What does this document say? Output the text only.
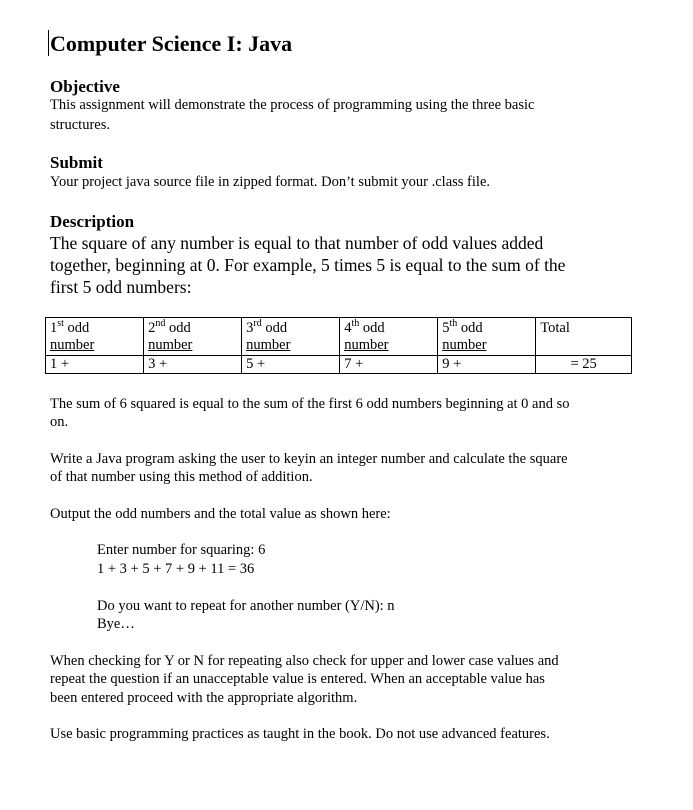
Computer Science I: Java
Objective
This assignment will demonstrate the process of programming using the three basic
structures.
Submit
Your project java source file in zipped format. Don’t submit your .class file.
Description
The square of any number is equal to that number of odd values added
together, beginning at 0. For example, 5 times 5 is equal to the sum of the
first 5 odd numbers:
1st odd
number	2nd odd
number	3rd odd
number	4th odd
number	5th odd
number	Total
1 +	3 +	5 +	7 +	9 +	= 25
The sum of 6 squared is equal to the sum of the first 6 odd numbers beginning at 0 and so
on.
Write a Java program asking the user to keyin an integer number and calculate the square
of that number using this method of addition.
Output the odd numbers and the total value as shown here:
Enter number for squaring: 6
1 + 3 + 5 + 7 + 9 + 11 = 36
Do you want to repeat for another number (Y/N): n
Bye…
When checking for Y or N for repeating also check for upper and lower case values and
repeat the question if an unacceptable value is entered. When an acceptable value has
been entered proceed with the appropriate algorithm.
Use basic programming practices as taught in the book. Do not use advanced features.
